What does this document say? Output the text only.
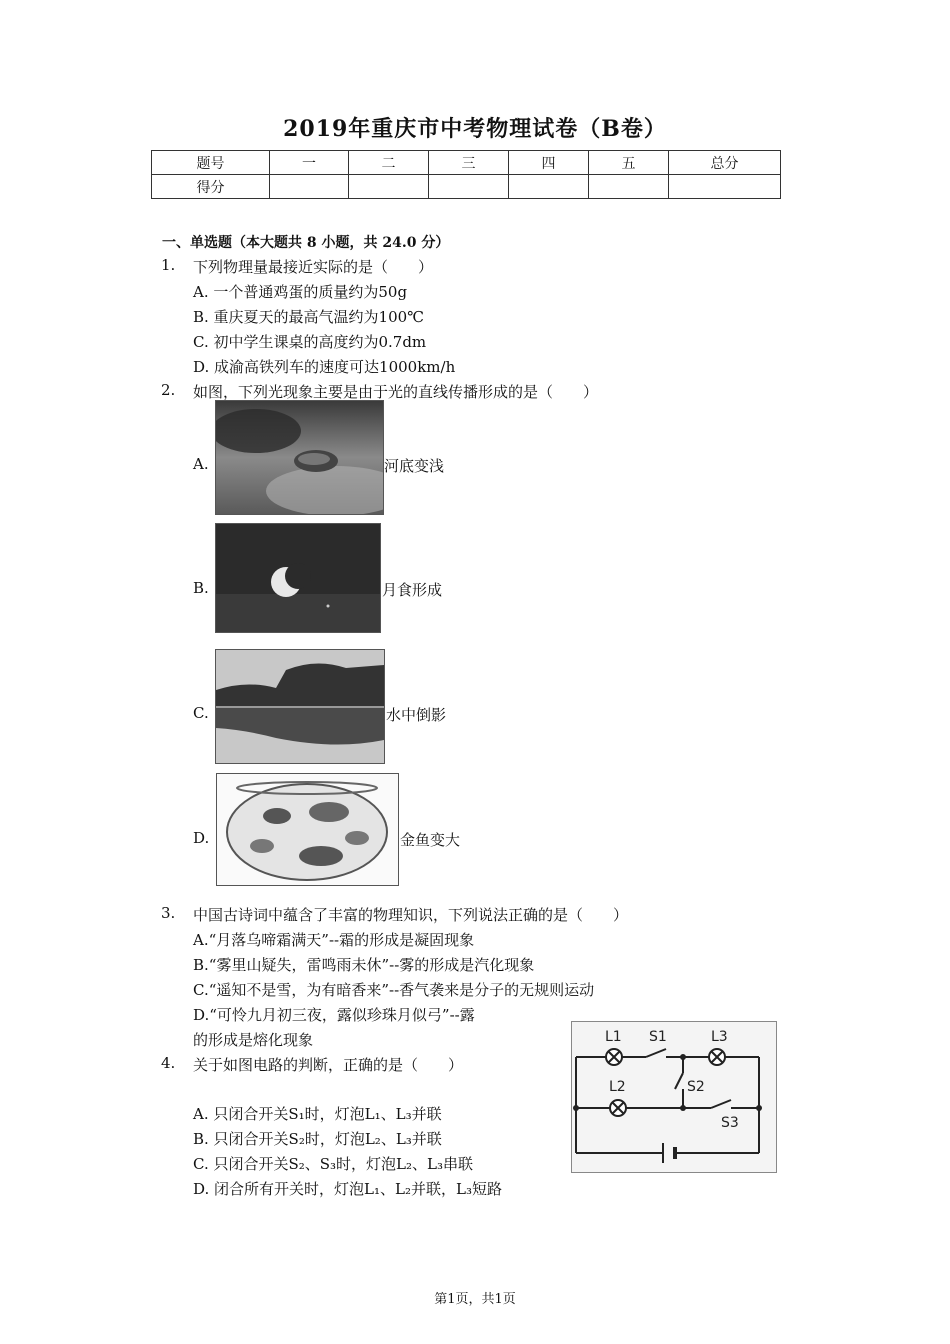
2019年重庆市中考物理试卷（B卷）
题号	一	二	三	四	五	总分
得分						
一、单选题（本大题共 8 小题，共 24.0 分）
1. 下列物理量最接近实际的是（　　）
A. 一个普通鸡蛋的质量约为50g
B. 重庆夏天的最高气温约为100℃
C. 初中学生课桌的高度约为0.7dm
D. 成渝高铁列车的速度可达1000km/h
2. 如图，下列光现象主要是由于光的直线传播形成的是（　　）
A.	河底变浅
B.	月食形成
C.	水中倒影
D.	金鱼变大
3. 中国古诗词中蕴含了丰富的物理知识，下列说法正确的是（　　）
A.“月落乌啼霜满天”--霜的形成是凝固现象
B.“雾里山疑失，雷鸣雨未休”--雾的形成是汽化现象
C.“遥知不是雪，为有暗香来”--香气袭来是分子的无规则运动
D.“可怜九月初三夜，露似珍珠月似弓”--露
的形成是熔化现象
4. 关于如图电路的判断，正确的是（　　）
A. 只闭合开关S₁时，灯泡L₁、L₃并联
B. 只闭合开关S₂时，灯泡L₂、L₃并联
C. 只闭合开关S₂、S₃时，灯泡L₂、L₃串联
D. 闭合所有开关时，灯泡L₁、L₂并联，L₃短路
L1 S1	L3
L2	S2
S3
第1页，共1页
